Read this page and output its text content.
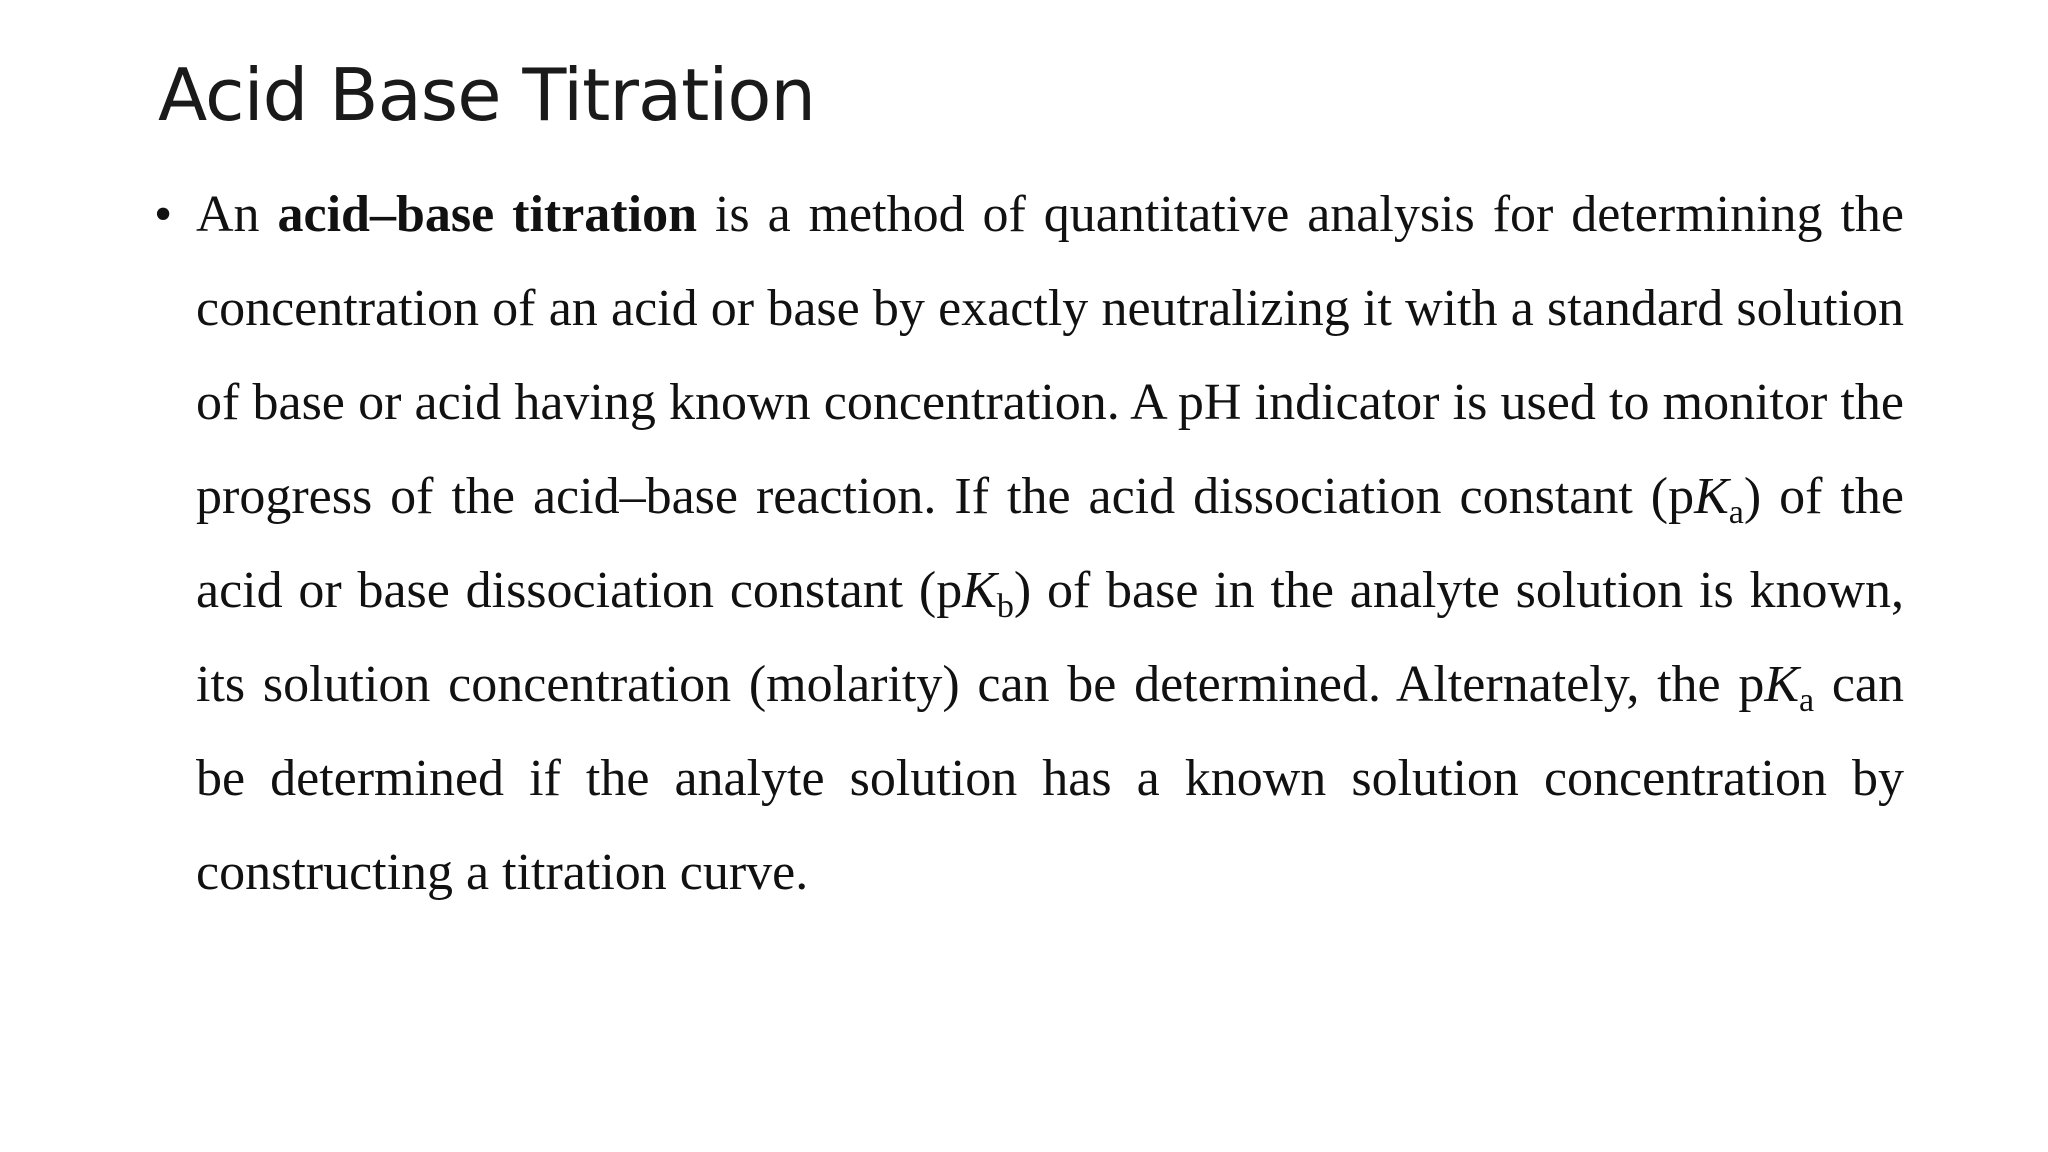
Acid Base Titration
• An acid–base titration is a method of quantitative analysis for determining the concentration of an acid or base by exactly neutralizing it with a standard solution of base or acid having known concentration. A pH indicator is used to monitor the progress of the acid–base reaction. If the acid dissociation constant $(pK_a)$ of the acid or base dissociation constant $(pK_b)$ of base in the analyte solution is known, its solution concentration (molarity) can be determined. Alternately, the $pK_a$ can be determined if the analyte solution has a known solution concentration by constructing a titration curve.
